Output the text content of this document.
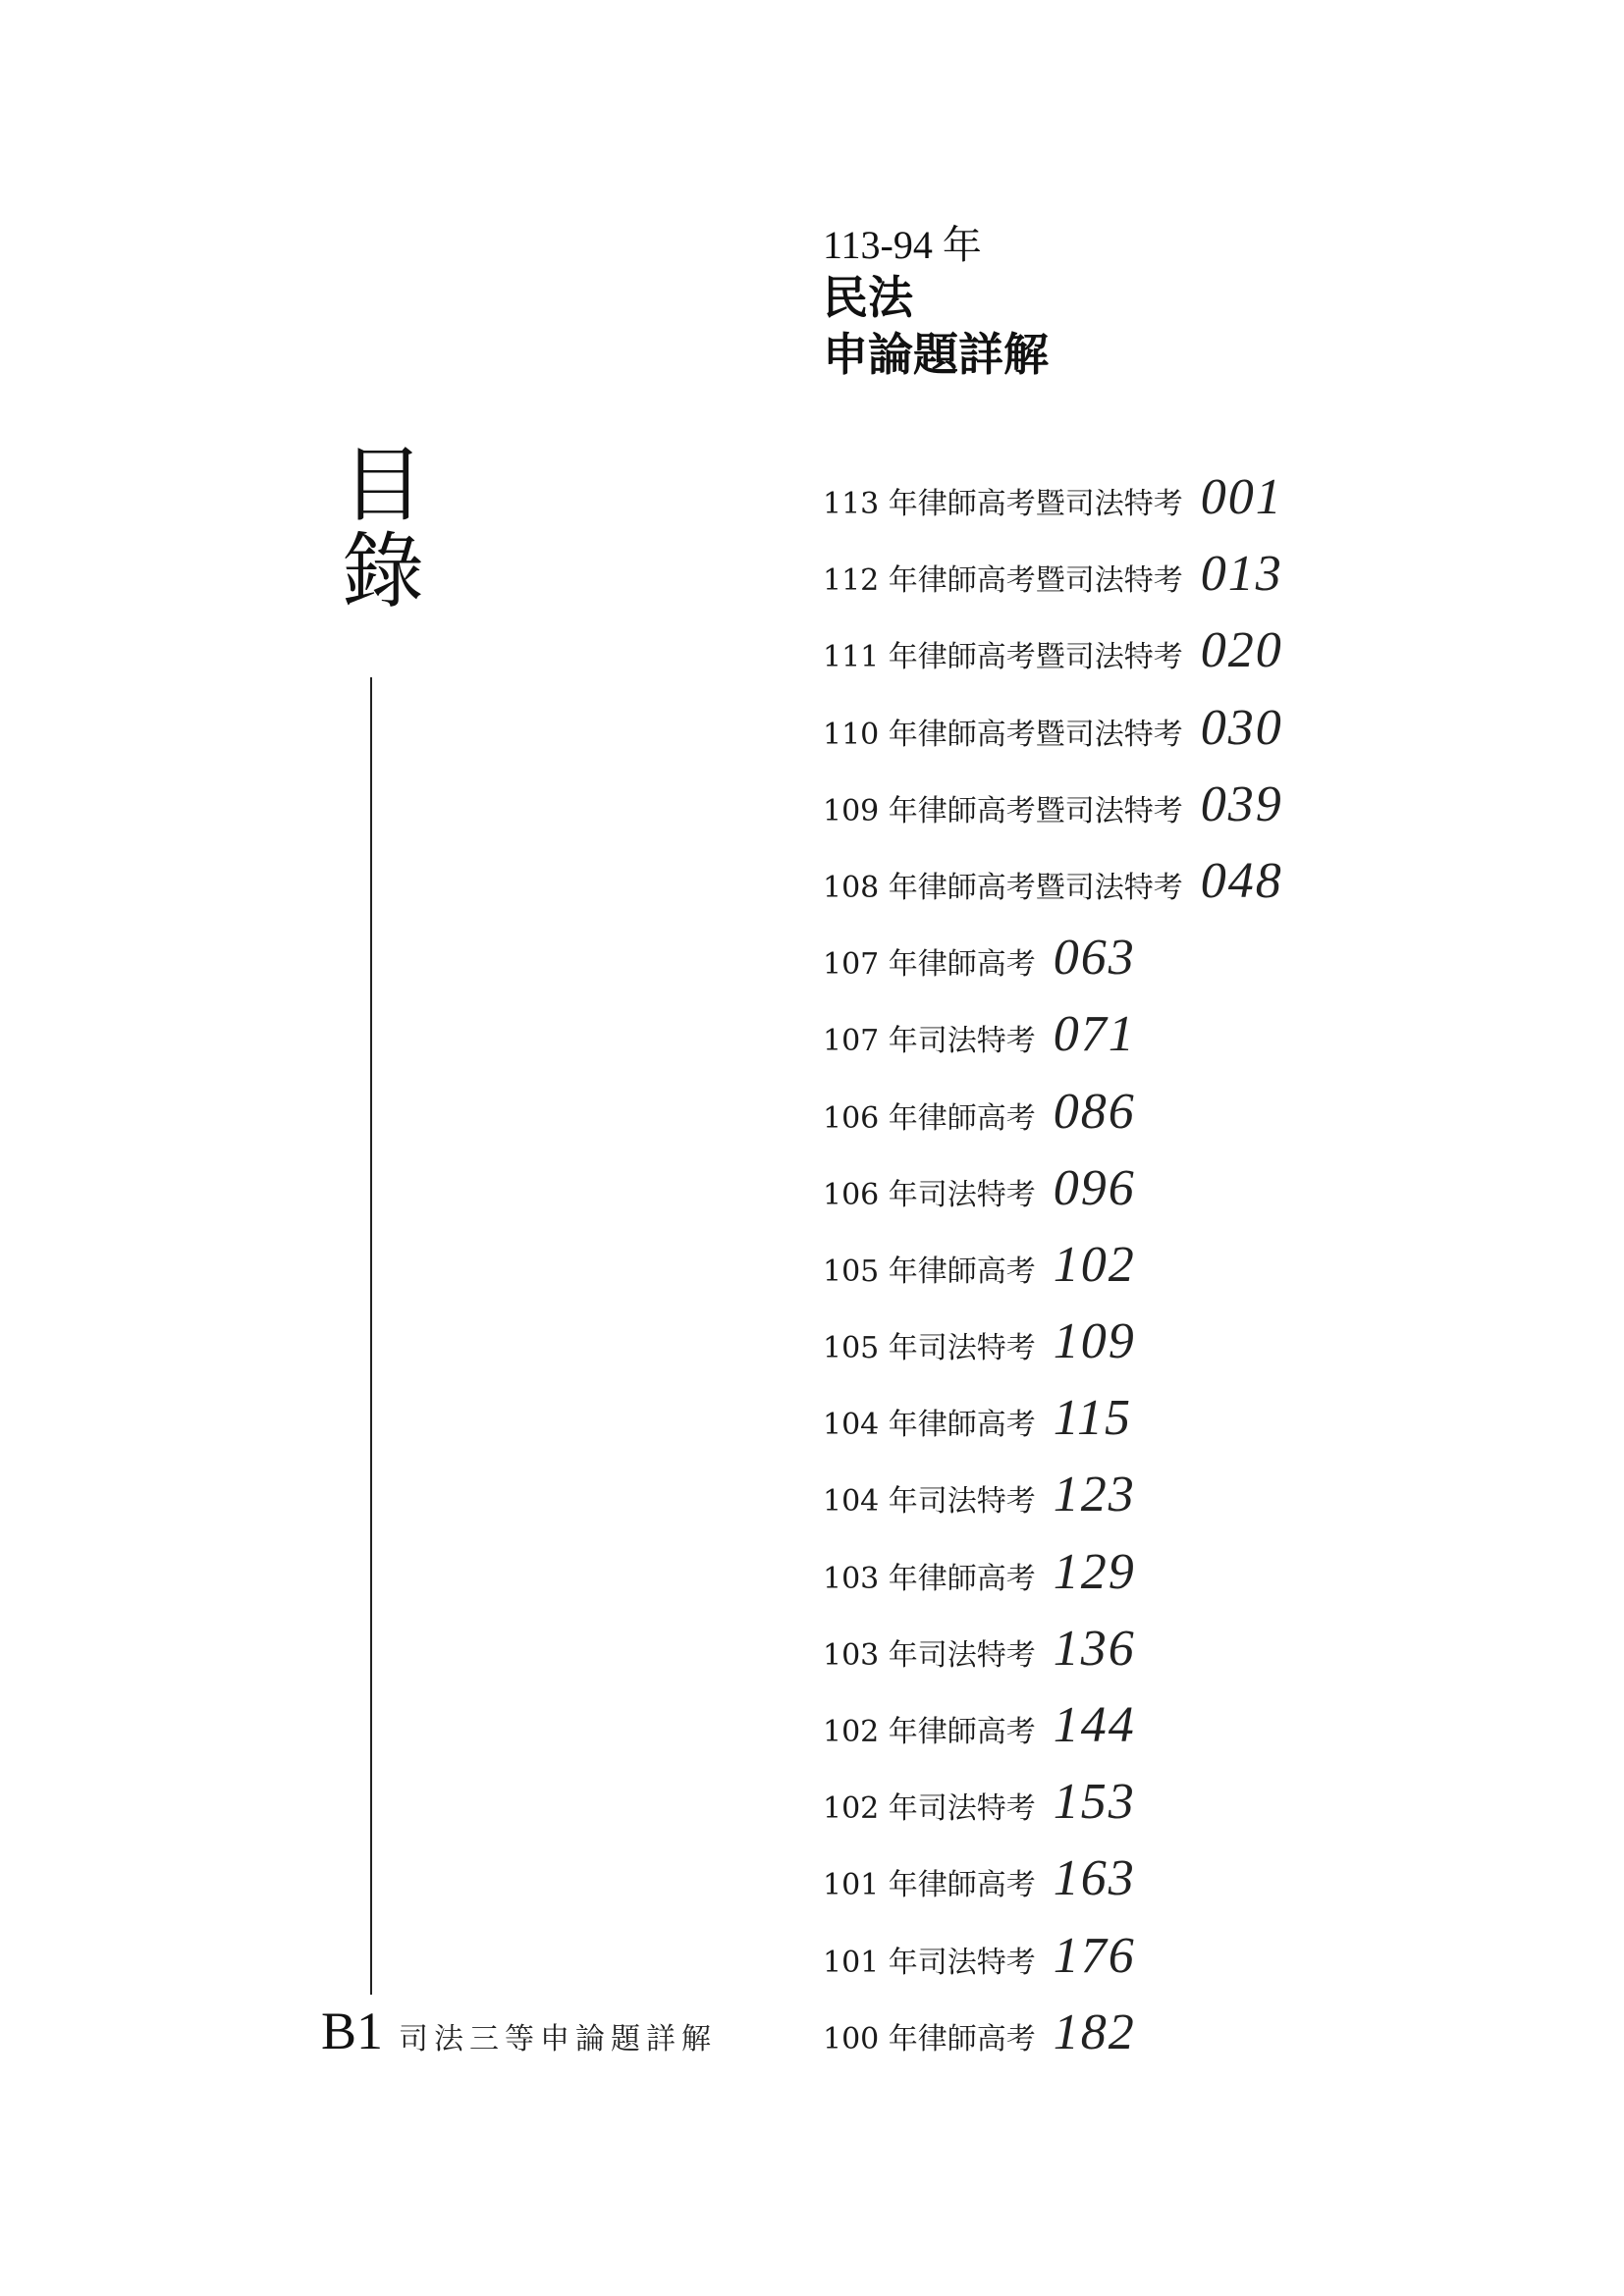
目
錄
B1 司法三等申論題詳解
113-94 年
民法
申論題詳解
113 年律師高考暨司法特考 001
112 年律師高考暨司法特考 013
111 年律師高考暨司法特考 020
110 年律師高考暨司法特考 030
109 年律師高考暨司法特考 039
108 年律師高考暨司法特考 048
107 年律師高考 063
107 年司法特考 071
106 年律師高考 086
106 年司法特考 096
105 年律師高考 102
105 年司法特考 109
104 年律師高考 115
104 年司法特考 123
103 年律師高考 129
103 年司法特考 136
102 年律師高考 144
102 年司法特考 153
101 年律師高考 163
101 年司法特考 176
100 年律師高考 182
